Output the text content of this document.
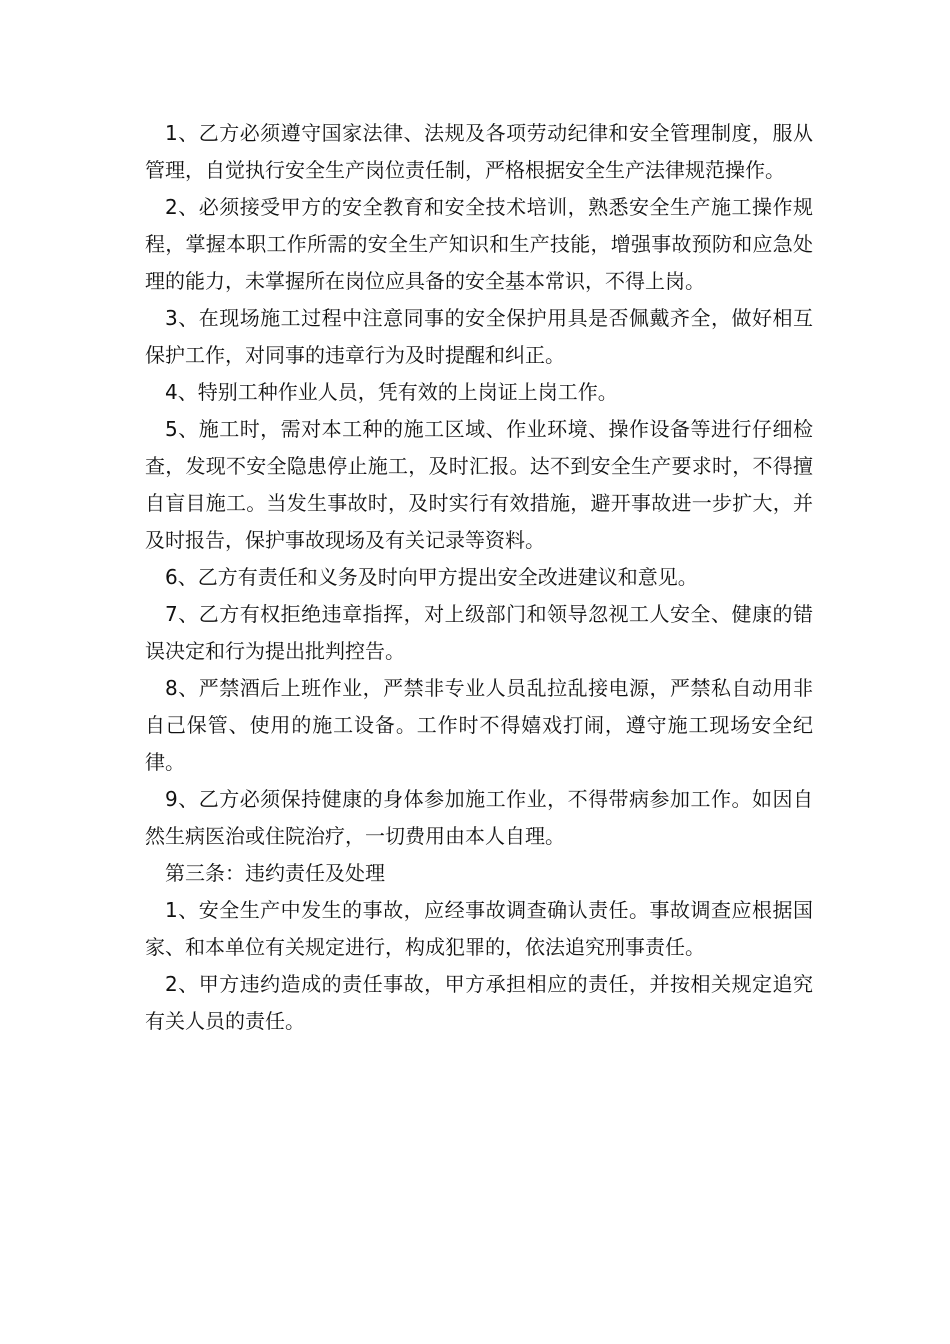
1、乙方必须遵守国家法律、法规及各项劳动纪律和安全管理制度，服从管理，自觉执行安全生产岗位责任制，严格根据安全生产法律规范操作。

2、必须接受甲方的安全教育和安全技术培训，熟悉安全生产施工操作规程，掌握本职工作所需的安全生产知识和生产技能，增强事故预防和应急处理的能力，未掌握所在岗位应具备的安全基本常识，不得上岗。

3、在现场施工过程中注意同事的安全保护用具是否佩戴齐全，做好相互保护工作，对同事的违章行为及时提醒和纠正。

4、特别工种作业人员，凭有效的上岗证上岗工作。

5、施工时，需对本工种的施工区域、作业环境、操作设备等进行仔细检查，发现不安全隐患停止施工，及时汇报。达不到安全生产要求时，不得擅自盲目施工。当发生事故时，及时实行有效措施，避开事故进一步扩大，并及时报告，保护事故现场及有关记录等资料。

6、乙方有责任和义务及时向甲方提出安全改进建议和意见。

7、乙方有权拒绝违章指挥，对上级部门和领导忽视工人安全、健康的错误决定和行为提出批判控告。

8、严禁酒后上班作业，严禁非专业人员乱拉乱接电源，严禁私自动用非自己保管、使用的施工设备。工作时不得嬉戏打闹，遵守施工现场安全纪律。

9、乙方必须保持健康的身体参加施工作业，不得带病参加工作。如因自然生病医治或住院治疗，一切费用由本人自理。

第三条：违约责任及处理

1、安全生产中发生的事故，应经事故调查确认责任。事故调查应根据国家、和本单位有关规定进行，构成犯罪的，依法追究刑事责任。

2、甲方违约造成的责任事故，甲方承担相应的责任，并按相关规定追究有关人员的责任。
